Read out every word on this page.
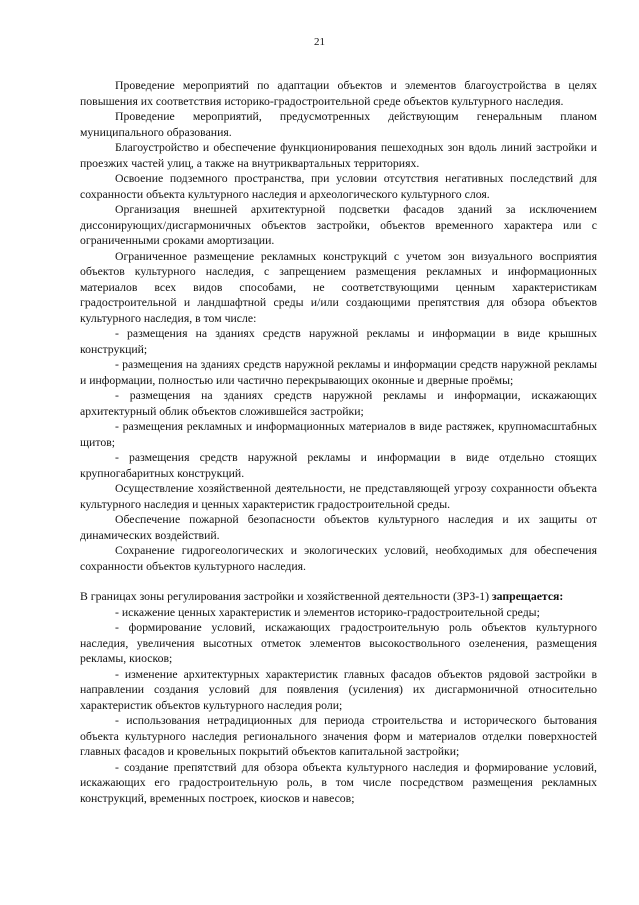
21

Проведение мероприятий по адаптации объектов и элементов благоустройства в целях повышения их соответствия историко-градостроительной среде объектов культурного наследия.

Проведение мероприятий, предусмотренных действующим генеральным планом муниципального образования.

Благоустройство и обеспечение функционирования пешеходных зон вдоль линий застройки и проезжих частей улиц, а также на внутриквартальных территориях.

Освоение подземного пространства, при условии отсутствия негативных последствий для сохранности объекта культурного наследия и археологического культурного слоя.

Организация внешней архитектурной подсветки фасадов зданий за исключением диссонирующих/дисгармоничных объектов застройки, объектов временного характера или с ограниченными сроками амортизации.

Ограниченное размещение рекламных конструкций с учетом зон визуального восприятия объектов культурного наследия, с запрещением размещения рекламных и информационных материалов всех видов способами, не соответствующими ценным характеристикам градостроительной и ландшафтной среды и/или создающими препятствия для обзора объектов культурного наследия, в том числе:

- размещения на зданиях средств наружной рекламы и информации в виде крышных конструкций;

- размещения на зданиях средств наружной рекламы и информации средств наружной рекламы и информации, полностью или частично перекрывающих оконные и дверные проёмы;

- размещения на зданиях средств наружной рекламы и информации, искажающих архитектурный облик объектов сложившейся застройки;

- размещения рекламных и информационных материалов в виде растяжек, крупномасштабных щитов;

- размещения средств наружной рекламы и информации в виде отдельно стоящих крупногабаритных конструкций.

Осуществление хозяйственной деятельности, не представляющей угрозу сохранности объекта культурного наследия и ценных характеристик градостроительной среды.

Обеспечение пожарной безопасности объектов культурного наследия и их защиты от динамических воздействий.

Сохранение гидрогеологических и экологических условий, необходимых для обеспечения сохранности объектов культурного наследия.

В границах зоны регулирования застройки и хозяйственной деятельности (ЗРЗ-1) запрещается:

- искажение ценных характеристик и элементов историко-градостроительной среды;

- формирование условий, искажающих градостроительную роль объектов культурного наследия, увеличения высотных отметок элементов высокоствольного озеленения, размещения рекламы, киосков;

- изменение архитектурных характеристик главных фасадов объектов рядовой застройки в направлении создания условий для появления (усиления) их дисгармоничной относительно характеристик объектов культурного наследия роли;

- использования нетрадиционных для периода строительства и исторического бытования объекта культурного наследия регионального значения форм и материалов отделки поверхностей главных фасадов и кровельных покрытий объектов капитальной застройки;

- создание препятствий для обзора объекта культурного наследия и формирование условий, искажающих его градостроительную роль, в том числе посредством размещения рекламных конструкций, временных построек, киосков и навесов;
